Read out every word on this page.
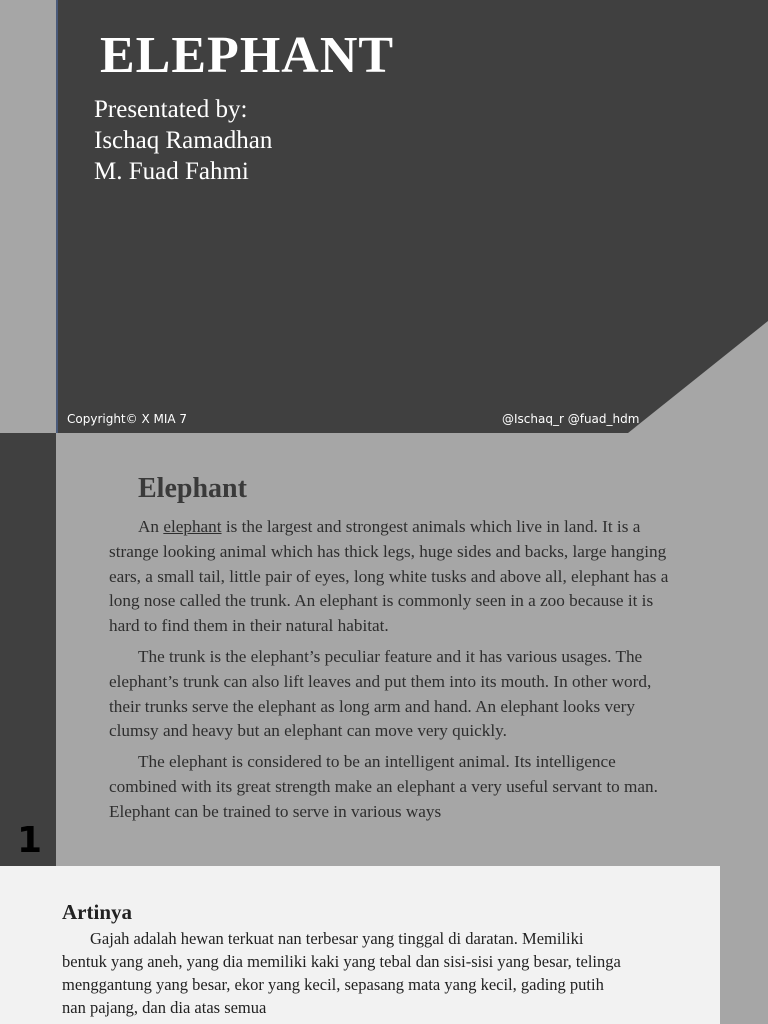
ELEPHANT
Presentated by:
Ischaq Ramadhan
M. Fuad Fahmi
Copyright© X MIA 7	@Ischaq_r @fuad_hdm
Elephant

An elephant is the largest and strongest animals which live in land. It is a strange looking animal which has thick legs, huge sides and backs, large hanging ears, a small tail, little pair of eyes, long white tusks and above all, elephant has a long nose called the trunk. An elephant is commonly seen in a zoo because it is hard to find them in their natural habitat.

The trunk is the elephant’s peculiar feature and it has various usages. The elephant’s trunk can also lift leaves and put them into its mouth. In other word, their trunks serve the elephant as long arm and hand. An elephant looks very clumsy and heavy but an elephant can move very quickly.

The elephant is considered to be an intelligent animal. Its intelligence combined with its great strength make an elephant a very useful servant to man. Elephant can be trained to serve in various ways

1
Artinya

Gajah adalah hewan terkuat nan terbesar yang tinggal di daratan. Memiliki bentuk yang aneh, yang dia memiliki kaki yang tebal dan sisi-sisi yang besar, telinga menggantung yang besar, ekor yang kecil, sepasang mata yang kecil, gading putih nan pajang, dan dia atas semua
